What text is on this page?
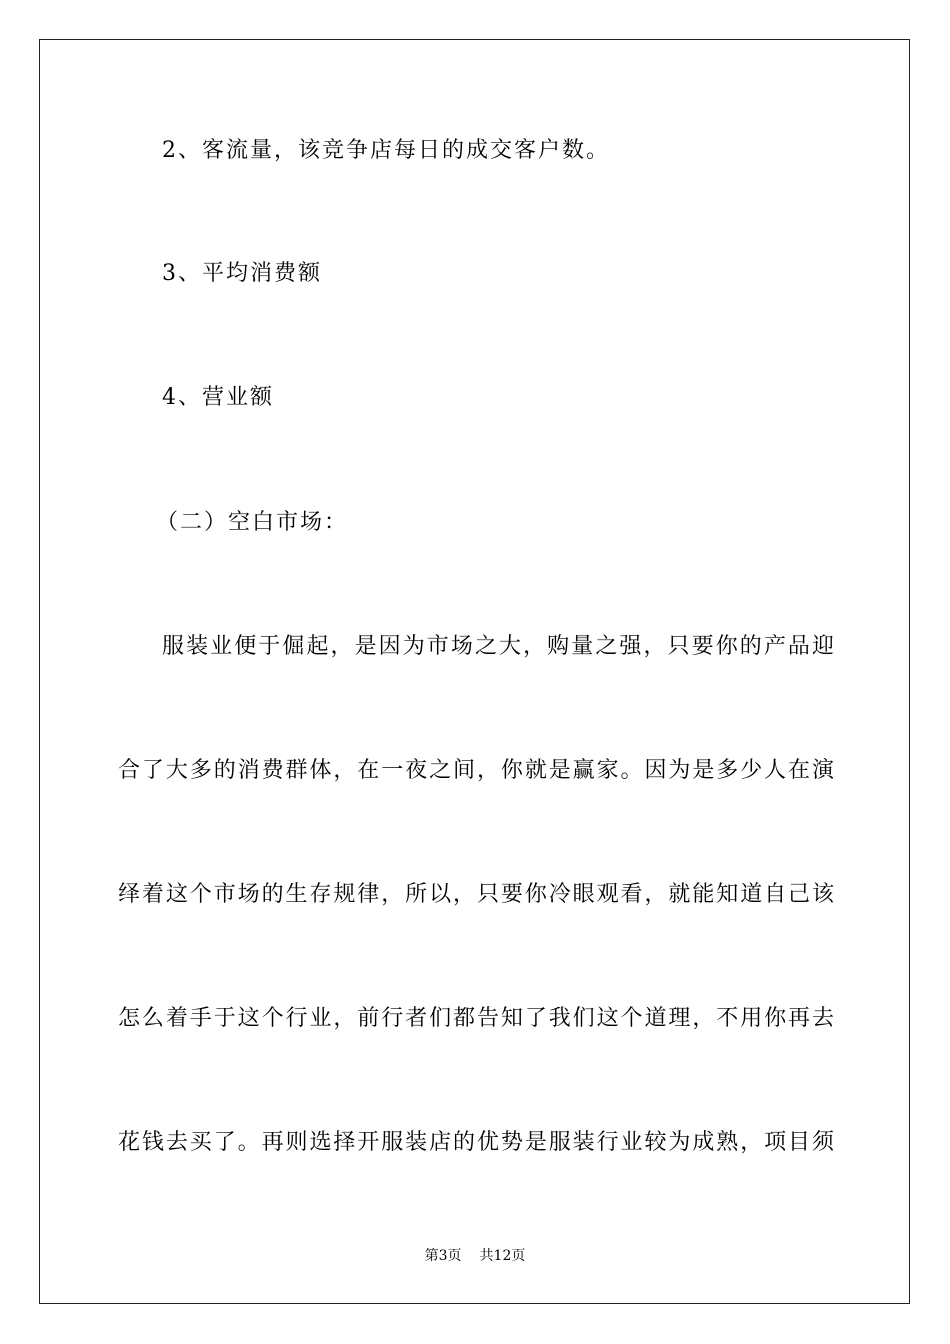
2、客流量，该竞争店每日的成交客户数。
3、平均消费额
4、营业额
（二）空白市场：
服装业便于倔起，是因为市场之大，购量之强，只要你的产品迎
合了大多的消费群体，在一夜之间，你就是赢家。因为是多少人在演
绎着这个市场的生存规律，所以，只要你冷眼观看，就能知道自己该
怎么着手于这个行业，前行者们都告知了我们这个道理，不用你再去
花钱去买了。再则选择开服装店的优势是服装行业较为成熟，项目须
第3页 共12页
